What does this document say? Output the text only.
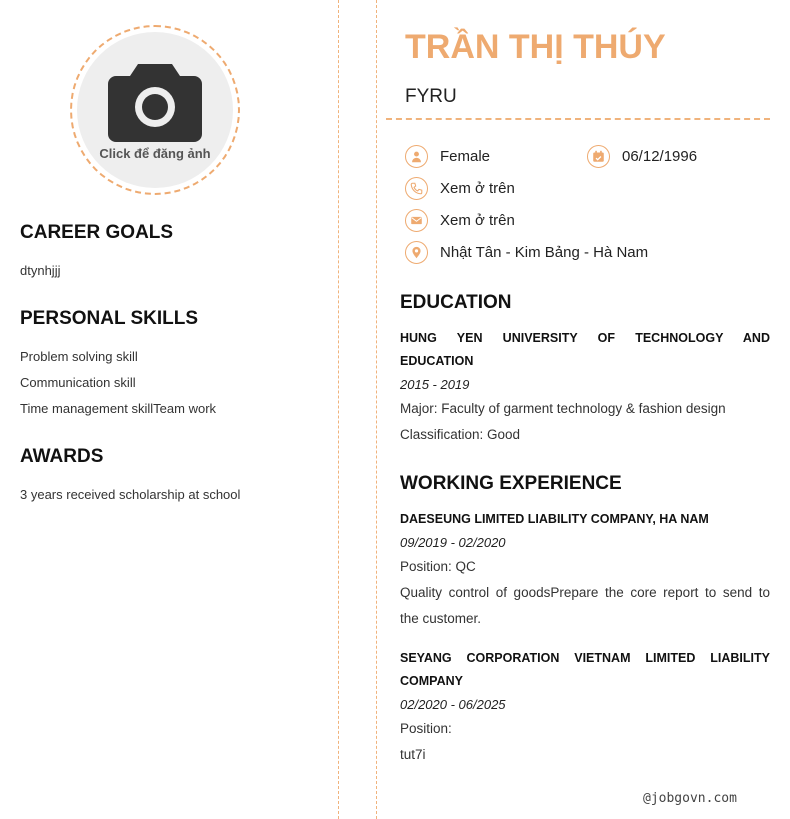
Click để đăng ảnh
CAREER GOALS
dtynhjjj
PERSONAL SKILLS
Problem solving skill
Communication skill
Time management skillTeam work
AWARDS
3 years received scholarship at school
TRẦN THỊ THÚY
FYRU
Female	06/12/1996
Xem ở trên
Xem ở trên
Nhật Tân - Kim Bảng - Hà Nam
EDUCATION
HUNG YEN UNIVERSITY OF TECHNOLOGY AND
EDUCATION
2015 - 2019
Major: Faculty of garment technology & fashion design
Classification: Good
WORKING EXPERIENCE
DAESEUNG LIMITED LIABILITY COMPANY, HA NAM
09/2019 - 02/2020
Position: QC
Quality control of goodsPrepare the core report to send to
the customer.
SEYANG CORPORATION VIETNAM LIMITED LIABILITY
COMPANY
02/2020 - 06/2025
Position:
tut7i
@jobgovn.com
